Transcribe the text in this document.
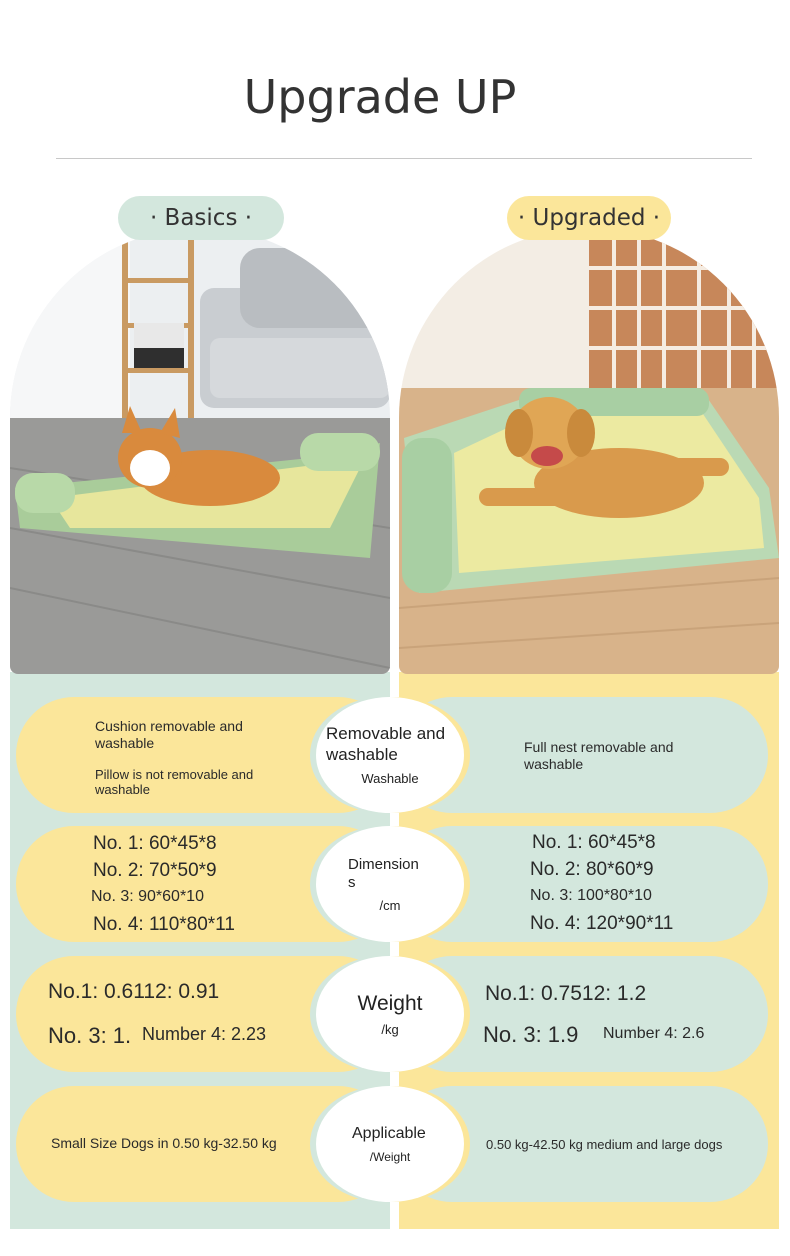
Upgrade UP
· Basics ·	· Upgraded ·
Cushion removable and washable
Pillow is not removable and washable
Full nest removable and washable
Removable and washable
Washable
No. 1: 60*45*8
No. 2: 70*50*9
No. 3: 90*60*10
No. 4: 110*80*11
No. 1: 60*45*8
No. 2: 80*60*9
No. 3: 100*80*10
No. 4: 120*90*11
Dimensions
/cm
No.1: 0.6112: 0.91
No. 3: 1. Number 4: 2.23
No.1: 0.7512: 1.2
No. 3: 1.9 Number 4: 2.6
Weight
/kg
Small Size Dogs in 0.50 kg-32.50 kg	0.50 kg-42.50 kg medium and large dogs
Applicable
/Weight
